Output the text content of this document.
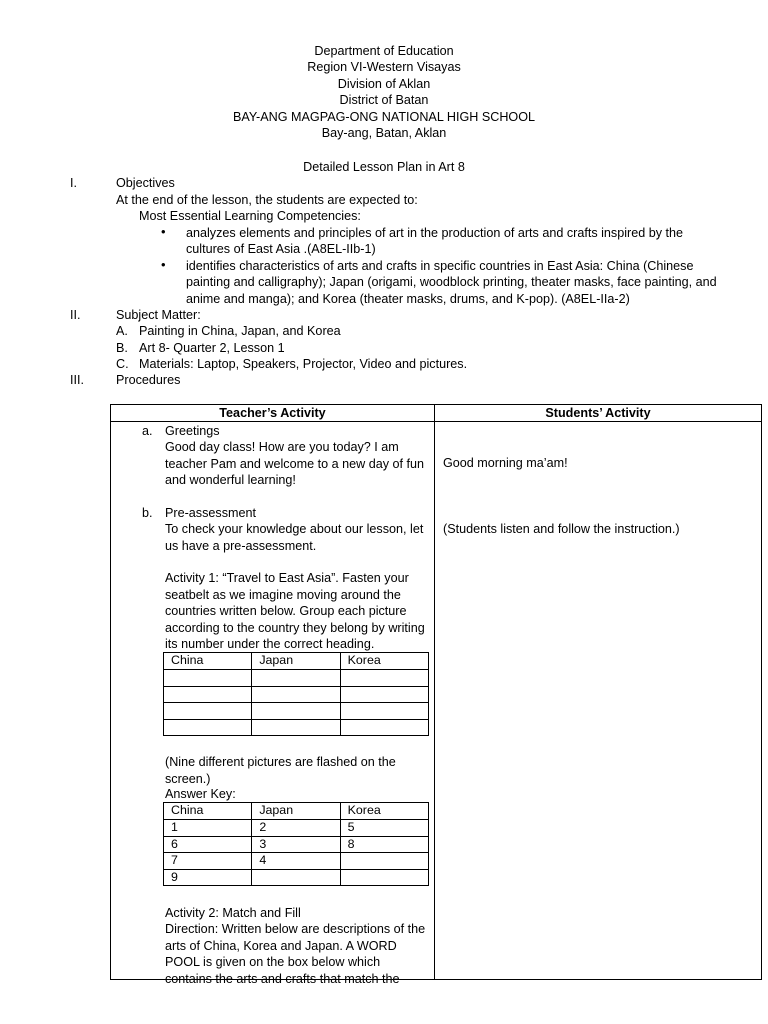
Department of Education
Region VI-Western Visayas
Division of Aklan
District of Batan
BAY-ANG MAGPAG-ONG NATIONAL HIGH SCHOOL
Bay-ang, Batan, Aklan
Detailed Lesson Plan in Art 8
I.	Objectives
At the end of the lesson, the students are expected to:
Most Essential Learning Competencies:
• analyzes elements and principles of art in the production of arts and crafts inspired by the cultures of East Asia .(A8EL-IIb-1)
• identifies characteristics of arts and crafts in specific countries in East Asia: China (Chinese painting and calligraphy); Japan (origami, woodblock printing, theater masks, face painting, and anime and manga); and Korea (theater masks, drums, and K-pop). (A8EL-IIa-2)
II.	Subject Matter:
A. Painting in China, Japan, and Korea
B. Art 8- Quarter 2, Lesson 1
C. Materials: Laptop, Speakers, Projector, Video and pictures.
III.	Procedures
Teacher’s Activity	Students’ Activity

a. Greetings
Good day class! How are you today? I am teacher Pam and welcome to a new day of fun and wonderful learning!
b. Pre-assessment
To check your knowledge about our lesson, let us have a pre-assessment.
Activity 1: “Travel to East Asia”. Fasten your seatbelt as we imagine moving around the countries written below. Group each picture according to the country they belong by writing its number under the correct heading.
China	Japan	Korea

(Nine different pictures are flashed on the screen.)
Answer Key:
China	Japan	Korea
1	2	5
6	3	8
7	4	
9		
Activity 2: Match and Fill
Direction: Written below are descriptions of the arts of China, Korea and Japan. A WORD POOL is given on the box below which contains the arts and crafts that match the

Good morning ma’am!
(Students listen and follow the instruction.)
